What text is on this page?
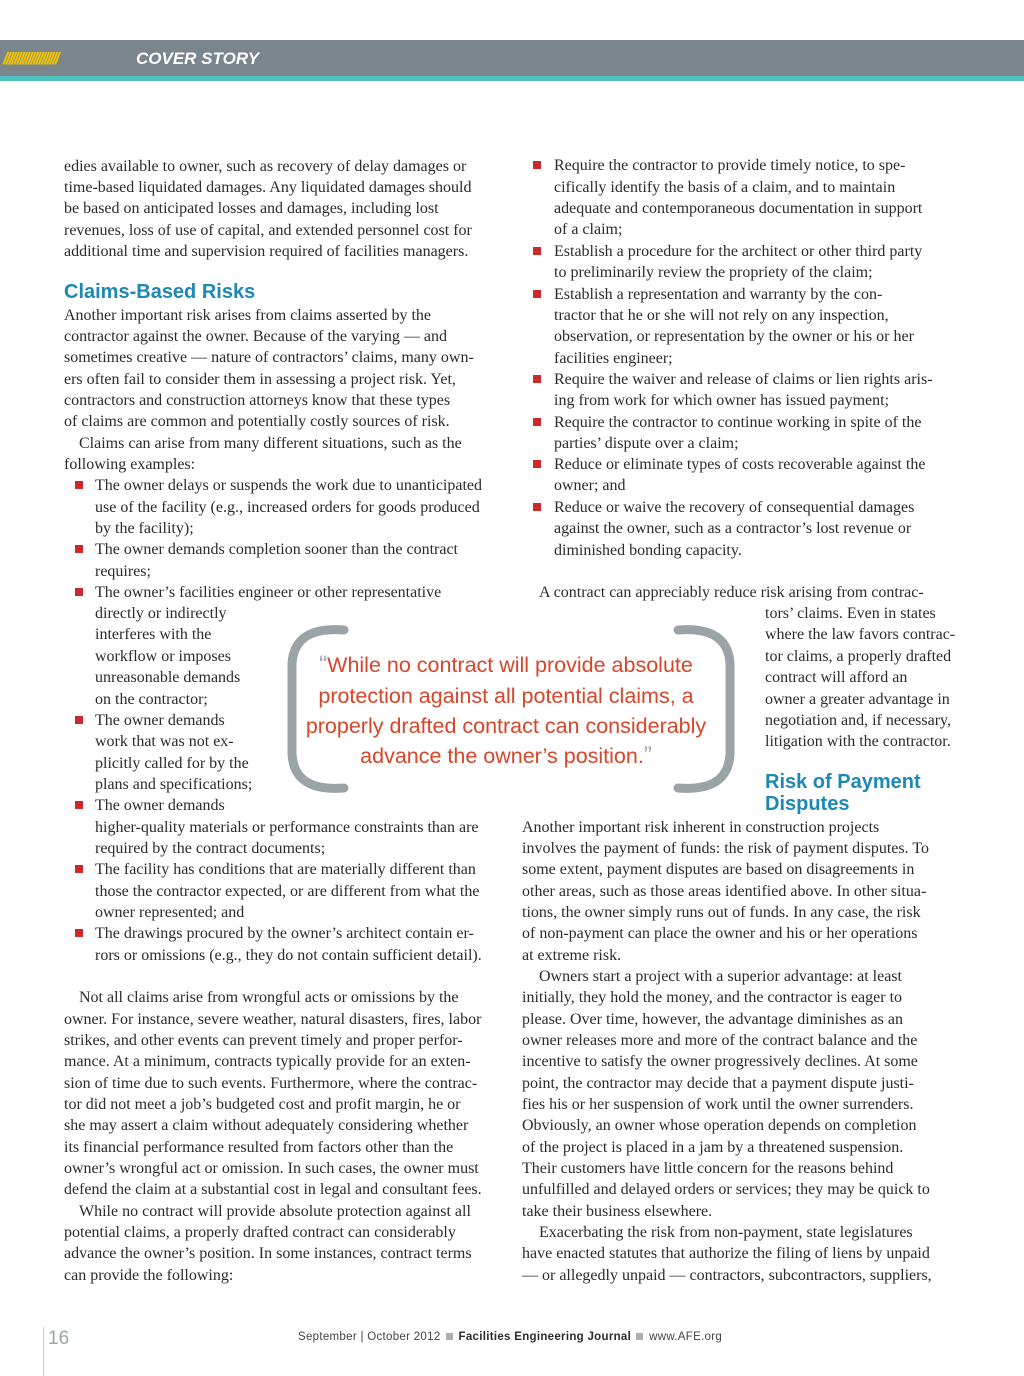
////////////////////	COVER STORY
edies available to owner, such as recovery of delay damages or
time-based liquidated damages. Any liquidated damages should
be based on anticipated losses and damages, including lost
revenues, loss of use of capital, and extended personnel cost for
additional time and supervision required of facilities managers.
Claims-Based Risks
Another important risk arises from claims asserted by the
contractor against the owner. Because of the varying — and
sometimes creative — nature of contractors’ claims, many own-
ers often fail to consider them in assessing a project risk. Yet,
contractors and construction attorneys know that these types
of claims are common and potentially costly sources of risk.
Claims can arise from many different situations, such as the
following examples:
The owner delays or suspends the work due to unanticipated
use of the facility (e.g., increased orders for goods produced
by the facility);
The owner demands completion sooner than the contract
requires;
The owner’s facilities engineer or other representative
directly or indirectly
interferes with the
workflow or imposes
unreasonable demands
on the contractor;
The owner demands
work that was not ex-
plicitly called for by the
plans and specifications;
The owner demands
higher-quality materials or performance constraints than are
required by the contract documents;
The facility has conditions that are materially different than
those the contractor expected, or are different from what the
owner represented; and
The drawings procured by the owner’s architect contain er-
rors or omissions (e.g., they do not contain sufficient detail).
Not all claims arise from wrongful acts or omissions by the
owner. For instance, severe weather, natural disasters, fires, labor
strikes, and other events can prevent timely and proper perfor-
mance. At a minimum, contracts typically provide for an exten-
sion of time due to such events. Furthermore, where the contrac-
tor did not meet a job’s budgeted cost and profit margin, he or
she may assert a claim without adequately considering whether
its financial performance resulted from factors other than the
owner’s wrongful act or omission. In such cases, the owner must
defend the claim at a substantial cost in legal and consultant fees.
While no contract will provide absolute protection against all
potential claims, a properly drafted contract can considerably
advance the owner’s position. In some instances, contract terms
can provide the following:
Require the contractor to provide timely notice, to spe-
cifically identify the basis of a claim, and to maintain
adequate and contemporaneous documentation in support
of a claim;
Establish a procedure for the architect or other third party
to preliminarily review the propriety of the claim;
Establish a representation and warranty by the con-
tractor that he or she will not rely on any inspection,
observation, or representation by the owner or his or her
facilities engineer;
Require the waiver and release of claims or lien rights aris-
ing from work for which owner has issued payment;
Require the contractor to continue working in spite of the
parties’ dispute over a claim;
Reduce or eliminate types of costs recoverable against the
owner; and
Reduce or waive the recovery of consequential damages
against the owner, such as a contractor’s lost revenue or
diminished bonding capacity.
A contract can appreciably reduce risk arising from contrac-
tors’ claims. Even in states
where the law favors contrac-
tor claims, a properly drafted
contract will afford an
owner a greater advantage in
negotiation and, if necessary,
litigation with the contractor.
Risk of Payment
Disputes
Another important risk inherent in construction projects
involves the payment of funds: the risk of payment disputes. To
some extent, payment disputes are based on disagreements in
other areas, such as those areas identified above. In other situa-
tions, the owner simply runs out of funds. In any case, the risk
of non-payment can place the owner and his or her operations
at extreme risk.
Owners start a project with a superior advantage: at least
initially, they hold the money, and the contractor is eager to
please. Over time, however, the advantage diminishes as an
owner releases more and more of the contract balance and the
incentive to satisfy the owner progressively declines. At some
point, the contractor may decide that a payment dispute justi-
fies his or her suspension of work until the owner surrenders.
Obviously, an owner whose operation depends on completion
of the project is placed in a jam by a threatened suspension.
Their customers have little concern for the reasons behind
unfulfilled and delayed orders or services; they may be quick to
take their business elsewhere.
Exacerbating the risk from non-payment, state legislatures
have enacted statutes that authorize the filing of liens by unpaid
— or allegedly unpaid — contractors, subcontractors, suppliers,
“While no contract will provide absolute
protection against all potential claims, a
properly drafted contract can considerably
advance the owner’s position.”
16	September | October 2012 Facilities Engineering Journal www.AFE.org
